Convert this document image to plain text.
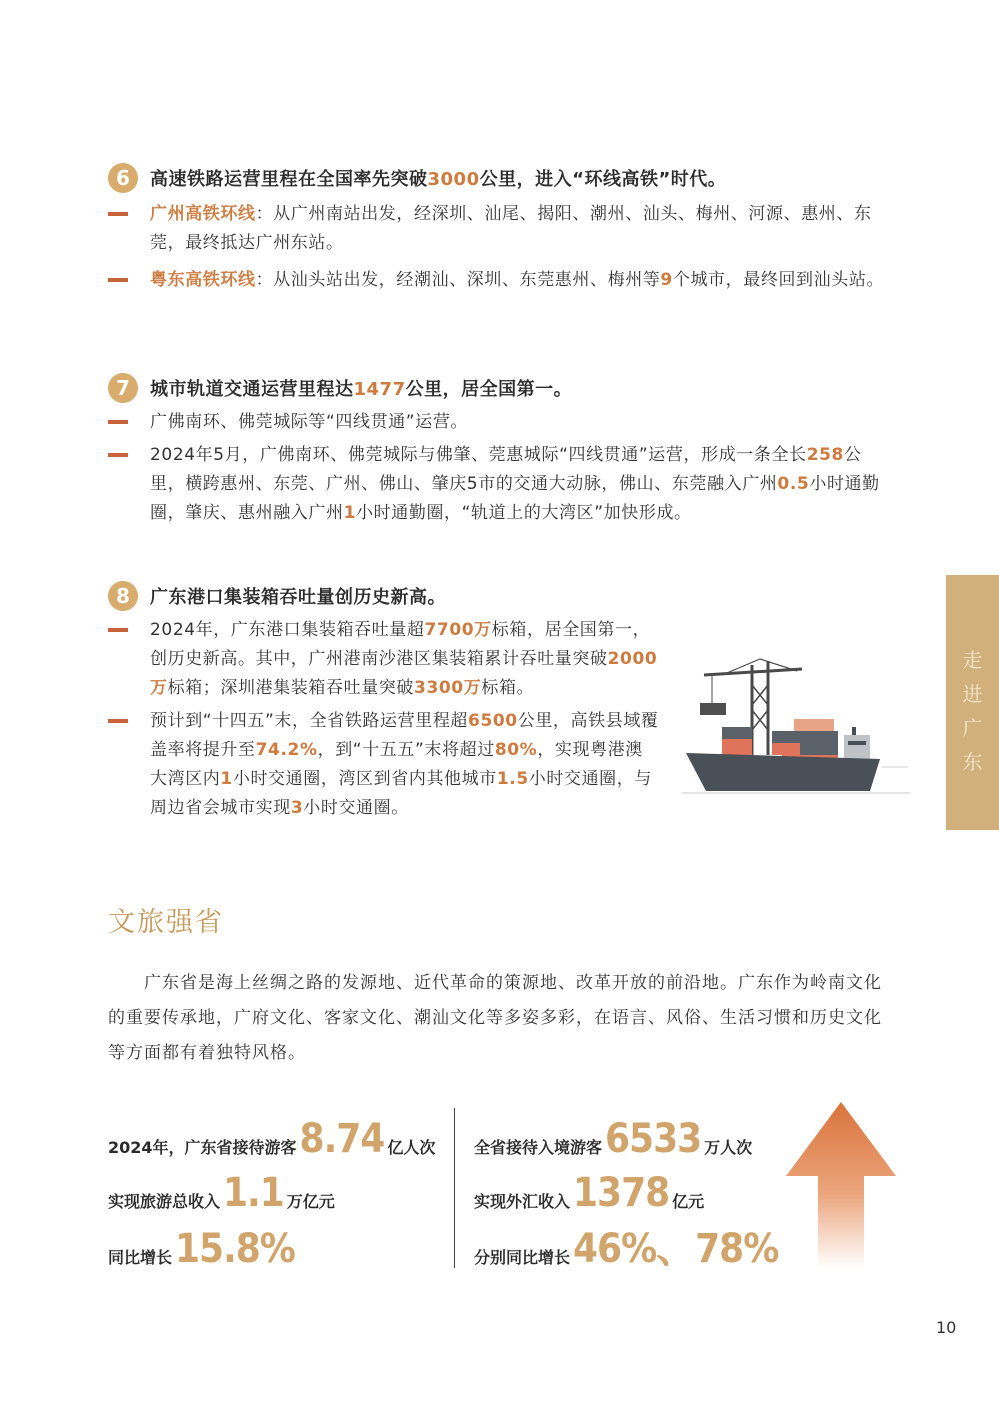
6	高速铁路运营里程在全国率先突破3000公里，进入“环线高铁”时代。
广州高铁环线：从广州南站出发，经深圳、汕尾、揭阳、潮州、汕头、梅州、河源、惠州、东莞，最终抵达广州东站。
粤东高铁环线：从汕头站出发，经潮汕、深圳、东莞惠州、梅州等9个城市，最终回到汕头站。
7	城市轨道交通运营里程达1477公里，居全国第一。
广佛南环、佛莞城际等“四线贯通”运营。
2024年5月，广佛南环、佛莞城际与佛肇、莞惠城际“四线贯通”运营，形成一条全长258公里，横跨惠州、东莞、广州、佛山、肇庆5市的交通大动脉，佛山、东莞融入广州0.5小时通勤圈，肇庆、惠州融入广州1小时通勤圈，“轨道上的大湾区”加快形成。
8	广东港口集装箱吞吐量创历史新高。
2024年，广东港口集装箱吞吐量超7700万标箱，居全国第一，创历史新高。其中，广州港南沙港区集装箱累计吞吐量突破2000万标箱；深圳港集装箱吞吐量突破3300万标箱。
预计到“十四五”末，全省铁路运营里程超6500公里，高铁县域覆盖率将提升至74.2%，到“十五五”末将超过80%，实现粤港澳大湾区内1小时交通圈，湾区到省内其他城市1.5小时交通圈，与周边省会城市实现3小时交通圈。
走
进
广
东
文旅强省
广东省是海上丝绸之路的发源地、近代革命的策源地、改革开放的前沿地。广东作为岭南文化的重要传承地，广府文化、客家文化、潮汕文化等多姿多彩，在语言、风俗、生活习惯和历史文化等方面都有着独特风格。
2024年，广东省接待游客 8.74 亿人次
实现旅游总收入 1.1 万亿元
同比增长 15.8%
全省接待入境游客 6533 万人次
实现外汇收入 1378 亿元
分别同比增长 46%、78%
10
